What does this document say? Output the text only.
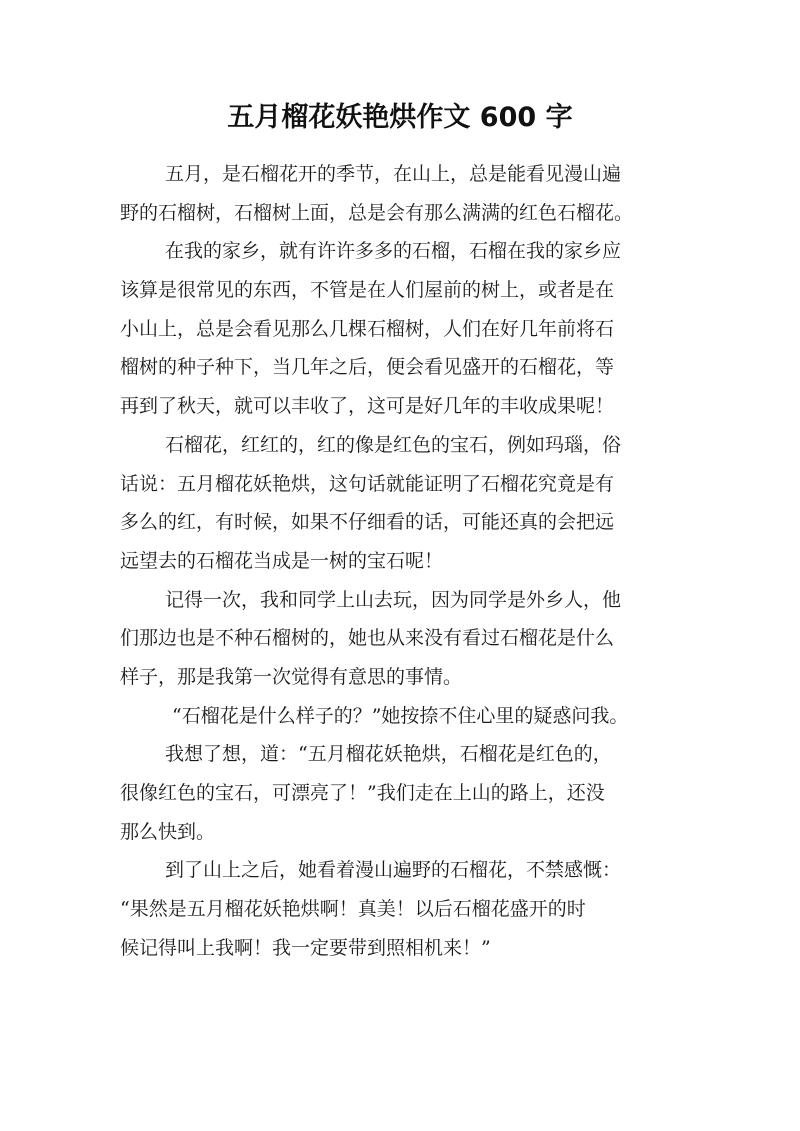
五月榴花妖艳烘作文 600 字
五月，是石榴花开的季节，在山上，总是能看见漫山遍
野的石榴树，石榴树上面，总是会有那么满满的红色石榴花。
在我的家乡，就有许许多多的石榴，石榴在我的家乡应
该算是很常见的东西，不管是在人们屋前的树上，或者是在
小山上，总是会看见那么几棵石榴树，人们在好几年前将石
榴树的种子种下，当几年之后，便会看见盛开的石榴花，等
再到了秋天，就可以丰收了，这可是好几年的丰收成果呢！
石榴花，红红的，红的像是红色的宝石，例如玛瑙，俗
话说：五月榴花妖艳烘，这句话就能证明了石榴花究竟是有
多么的红，有时候，如果不仔细看的话，可能还真的会把远
远望去的石榴花当成是一树的宝石呢！
记得一次，我和同学上山去玩，因为同学是外乡人，他
们那边也是不种石榴树的，她也从来没有看过石榴花是什么
样子，那是我第一次觉得有意思的事情。
“石榴花是什么样子的？”她按捺不住心里的疑惑问我。
我想了想，道：“五月榴花妖艳烘，石榴花是红色的，
很像红色的宝石，可漂亮了！”我们走在上山的路上，还没
那么快到。
到了山上之后，她看着漫山遍野的石榴花，不禁感慨：
“果然是五月榴花妖艳烘啊！真美！以后石榴花盛开的时
候记得叫上我啊！我一定要带到照相机来！”
